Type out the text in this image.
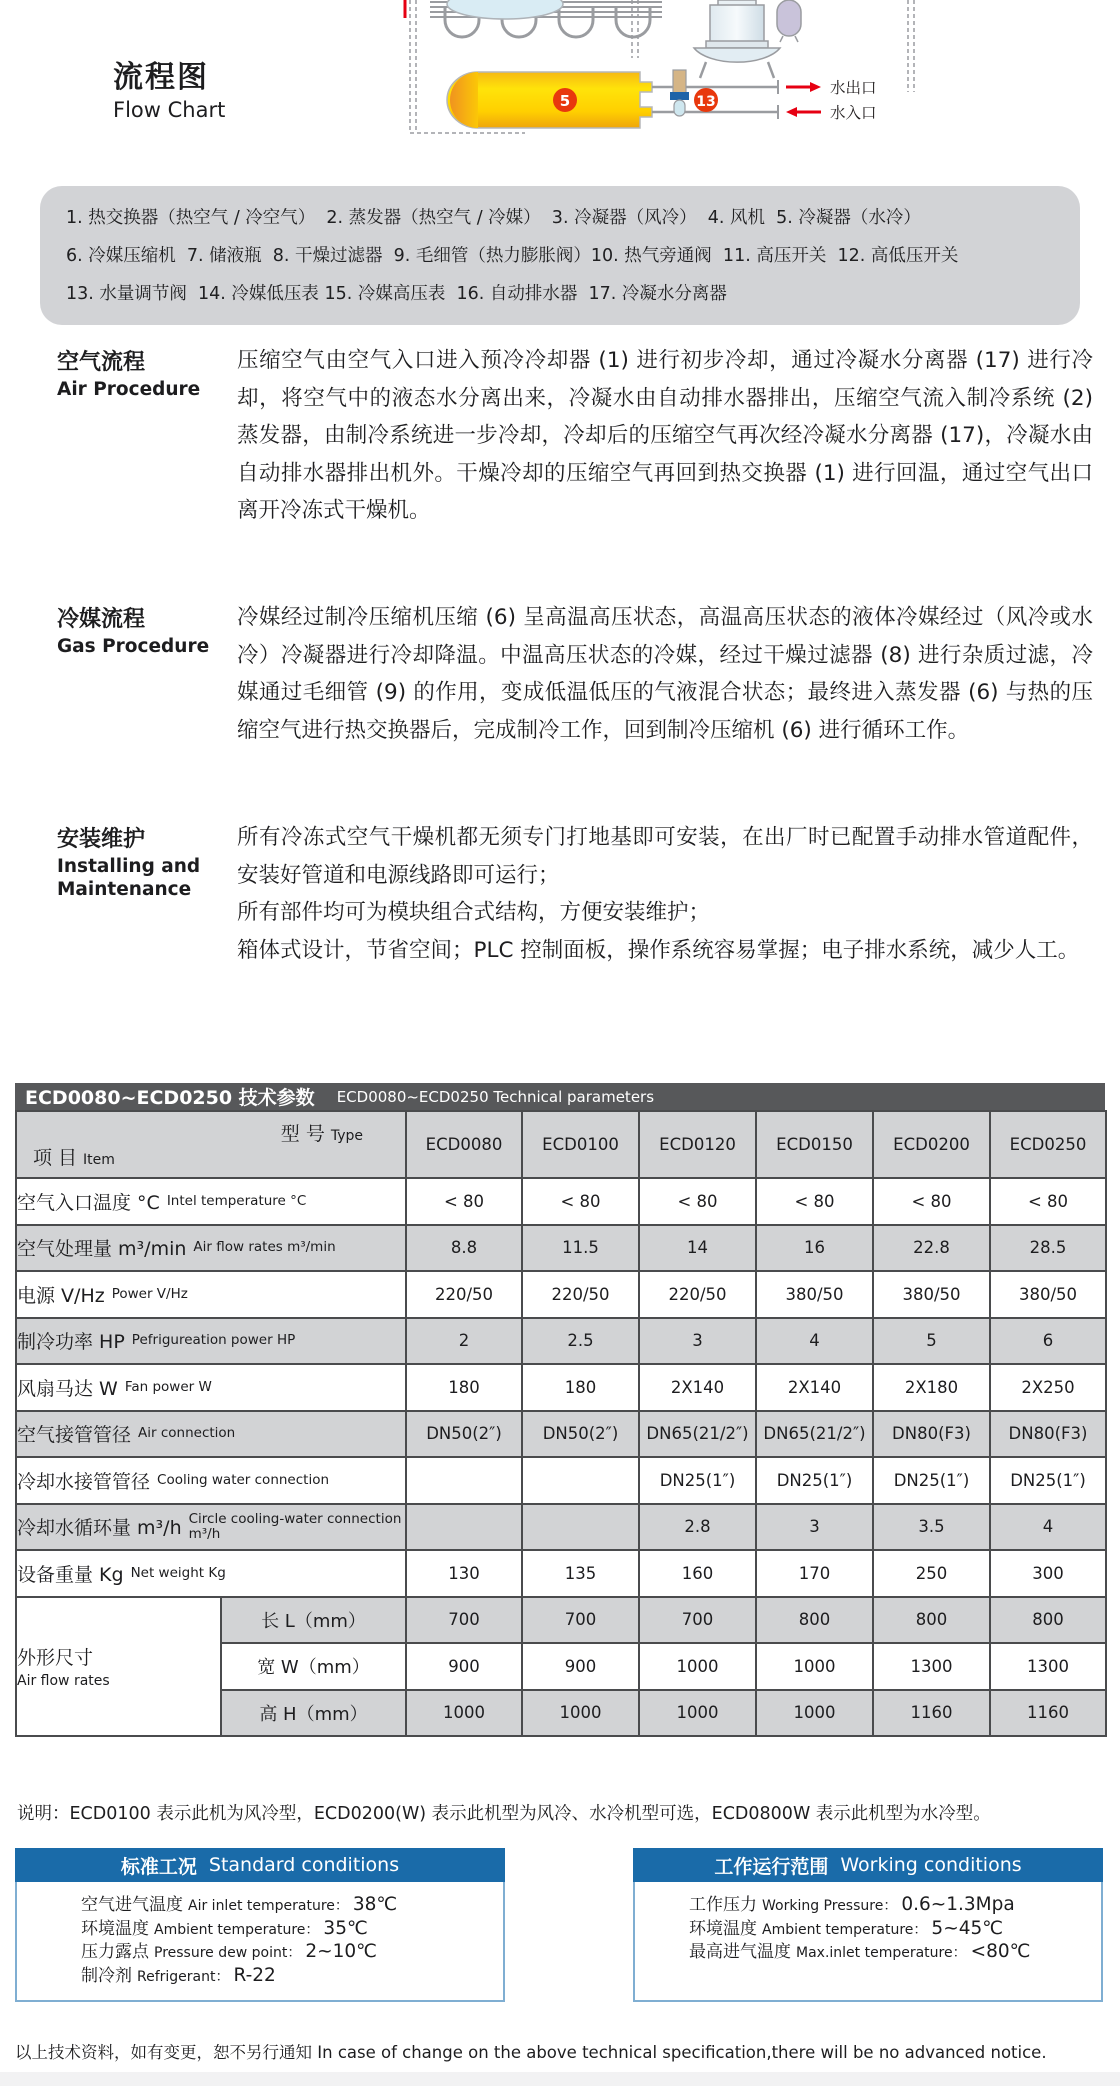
流程图
Flow Chart	5	13
水出口
水入口
1. 热交换器（热空气 / 冷空气）  2. 蒸发器（热空气 / 冷媒）  3. 冷凝器（风冷）  4. 风机  5. 冷凝器（水冷）
6. 冷媒压缩机  7. 储液瓶  8. 干燥过滤器  9. 毛细管（热力膨胀阀）10. 热气旁通阀  11. 高压开关  12. 高低压开关
13. 水量调节阀  14. 冷媒低压表 15. 冷媒高压表  16. 自动排水器  17. 冷凝水分离器
空气流程
Air Procedure

压缩空气由空气入口进入预冷冷却器 (1) 进行初步冷却，通过冷凝水分离器 (17) 进行冷却，将空气中的液态水分离出来，冷凝水由自动排水器排出，压缩空气流入制冷系统 (2) 蒸发器，由制冷系统进一步冷却，冷却后的压缩空气再次经冷凝水分离器 (17)，冷凝水由自动排水器排出机外。干燥冷却的压缩空气再回到热交换器 (1) 进行回温，通过空气出口离开冷冻式干燥机。

冷媒流程
Gas Procedure

冷媒经过制冷压缩机压缩 (6) 呈高温高压状态，高温高压状态的液体冷媒经过（风冷或水冷）冷凝器进行冷却降温。中温高压状态的冷媒，经过干燥过滤器 (8) 进行杂质过滤，冷媒通过毛细管 (9) 的作用，变成低温低压的气液混合状态；最终进入蒸发器 (6) 与热的压缩空气进行热交换器后，完成制冷工作，回到制冷压缩机 (6) 进行循环工作。

安装维护
Installing and Maintenance

所有冷冻式空气干燥机都无须专门打地基即可安装，在出厂时已配置手动排水管道配件，安装好管道和电源线路即可运行；

所有部件均可为模块组合式结构，方便安装维护；

箱体式设计，节省空间；PLC 控制面板，操作系统容易掌握；电子排水系统，减少人工。

ECD0080~ECD0250 技术参数 ECD0080~ECD0250 Technical parameters
项 目 Item
型 号 Type		ECD0080	ECD0100	ECD0120	ECD0150	ECD0200	ECD0250

空气入口温度 °C Intel temperature °C		< 80	< 80	< 80	< 80	< 80	< 80

空气处理量 m³/min Air flow rates m³/min		8.8	11.5	14	16	22.8	28.5

电源 V/Hz Power V/Hz		220/50	220/50	220/50	380/50	380/50	380/50

制冷功率 HP Pefrigureation power HP		2	2.5	3	4	5	6

风扇马达 W Fan power W		180	180	2X140	2X140	2X180	2X250

空气接管管径 Air connection		DN50(2″)	DN50(2″)	DN65(21/2″)	DN65(21/2″)	DN80(F3)	DN80(F3)

冷却水接管管径 Cooling water connection				DN25(1″)	DN25(1″)	DN25(1″)	DN25(1″)

冷却水循环量 m³/h Circle cooling-water connection m³/h				2.8	3	3.5	4

设备重量 Kg Net weight Kg		130	135	160	170	250	300

外形尺寸
Air flow rates	长 L（mm）	700	700	700	800	800	800
	宽 W（mm）	900	900	1000	1000	1300	1300
	高 H（mm）	1000	1000	1000	1000	1160	1160

说明：ECD0100 表示此机为风冷型，ECD0200(W) 表示此机型为风冷、水冷机型可选，ECD0800W 表示此机型为水冷型。

标准工况 Standard conditions
空气进气温度 Air inlet temperature： 38℃
环境温度 Ambient temperature： 35℃
压力露点 Pressure dew point： 2~10℃
制冷剂 Refrigerant： R-22
工作运行范围 Working conditions
工作压力 Working Pressure： 0.6~1.3Mpa
环境温度 Ambient temperature： 5~45℃
最高进气温度 Max.inlet temperature： <80℃

以上技术资料，如有变更，恕不另行通知 In case of change on the above technical specification,there will be no advanced notice.
